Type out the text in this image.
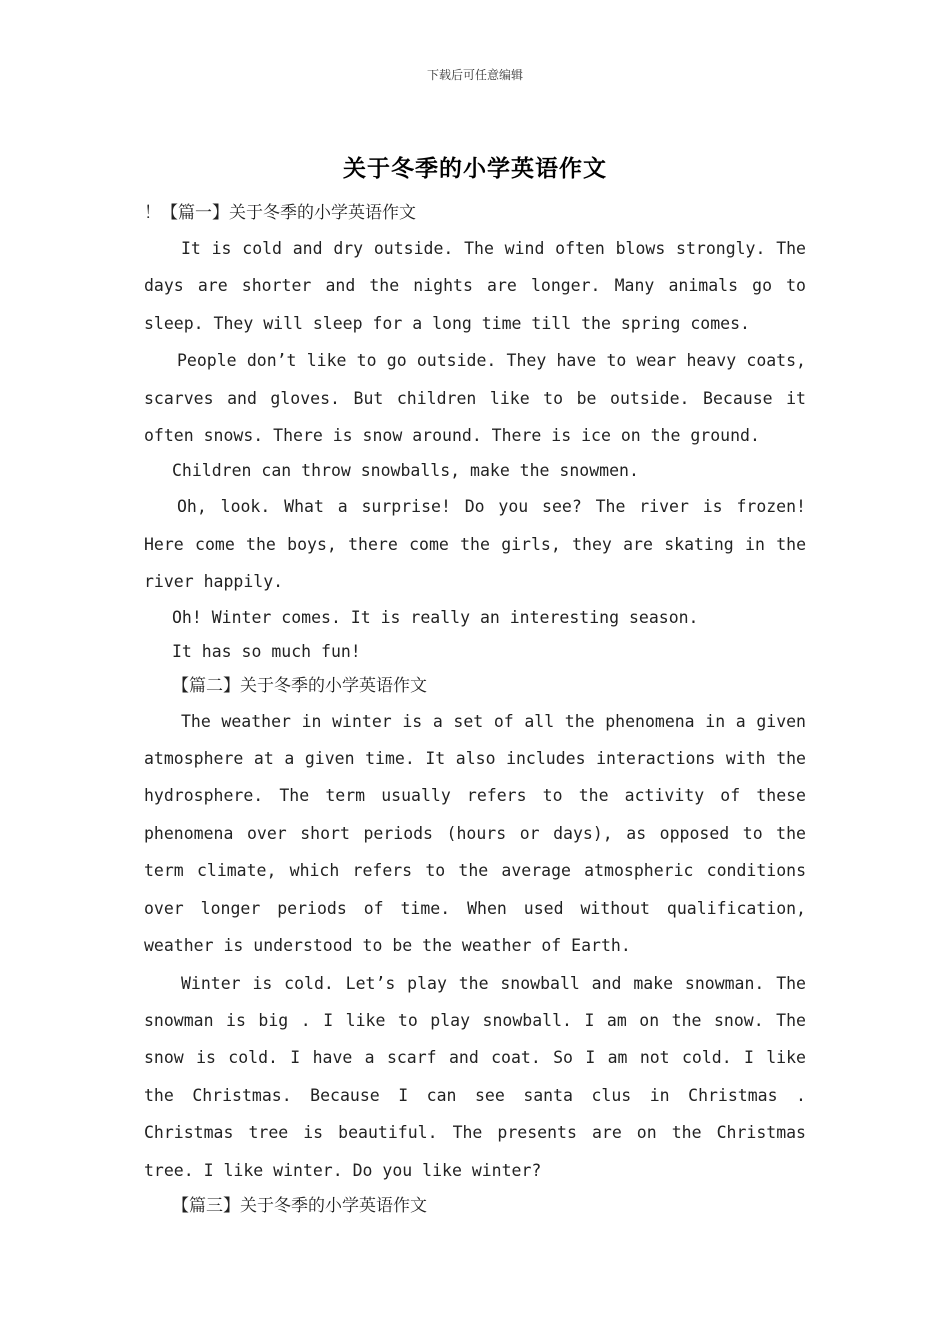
下载后可任意编辑
关于冬季的小学英语作文

！【篇一】关于冬季的小学英语作文

It is cold and dry outside. The wind often blows strongly. The days are shorter and the nights are longer. Many animals go to sleep. They will sleep for a long time till the spring comes.

People don’t like to go outside. They have to wear heavy coats, scarves and gloves. But children like to be outside. Because it often snows. There is snow around. There is ice on the ground.

Children can throw snowballs, make the snowmen.

Oh, look. What a surprise! Do you see? The river is frozen! Here come the boys, there come the girls, they are skating in the river happily.

Oh! Winter comes. It is really an interesting season.

It has so much fun!

【篇二】关于冬季的小学英语作文

The weather in winter is a set of all the phenomena in a given atmosphere at a given time. It also includes interactions with the hydrosphere. The term usually refers to the activity of these phenomena over short periods (hours or days), as opposed to the term climate, which refers to the average atmospheric conditions over longer periods of time. When used without qualification, weather is understood to be the weather of Earth.

Winter is cold. Let’s play the snowball and make snowman. The snowman is big . I like to play snowball. I am on the snow. The snow is cold. I have a scarf and coat. So I am not cold. I like the Christmas. Because I can see santa clus in Christmas . Christmas tree is beautiful. The presents are on the Christmas tree. I like winter. Do you like winter?

【篇三】关于冬季的小学英语作文
